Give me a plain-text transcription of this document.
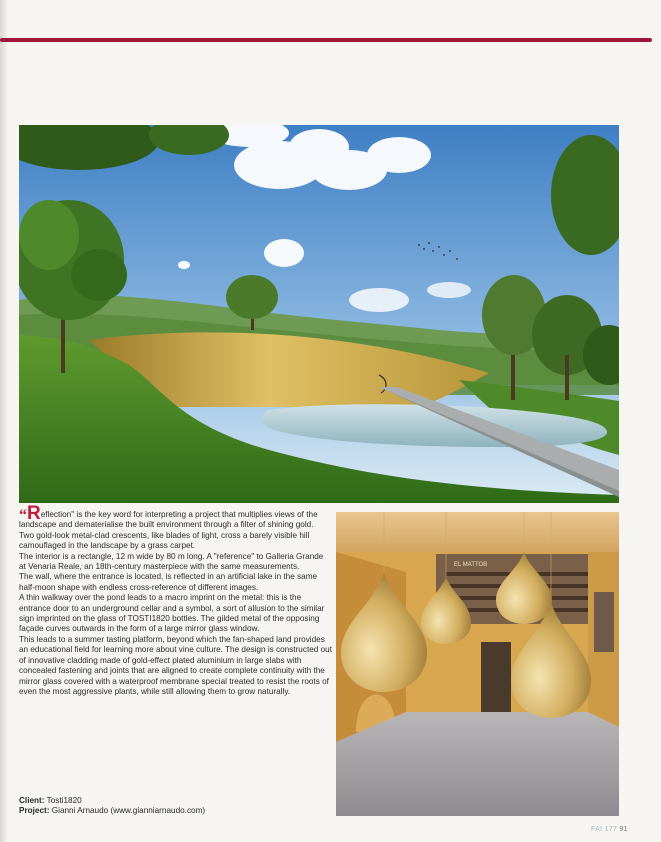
“Reflection" is the key word for interpreting a project that multiplies views of the landscape and dematerialise the built environment through a filter of shining gold.

Two gold-look metal-clad crescents, like blades of light, cross a barely visible hill camouflaged in the landscape by a grass carpet.

The interior is a rectangle, 12 m wide by 80 m long. A "reference" to Galleria Grande at Venaria Reale, an 18th-century masterpiece with the same measurements.

The wall, where the entrance is located, is reflected in an artificial lake in the same half-moon shape with endless cross-reference of different images.

A thin walkway over the pond leads to a macro imprint on the metal: this is the entrance door to an underground cellar and a symbol, a sort of allusion to the similar sign imprinted on the glass of TOSTI1820 bottles. The gilded metal of the opposing façade curves outwards in the form of a large mirror glass window.

This leads to a summer tasting platform, beyond which the fan-shaped land provides an educational field for learning more about vine culture. The design is constructed out of innovative cladding made of gold-effect plated aluminium in large slabs with concealed fastening and joints that are aligned to create complete continuity with the mirror glass covered with a waterproof membrane special treated to resist the roots of even the most aggressive plants, while still allowing them to grow naturally.

Client: Tosti1820
Project: Gianni Arnaudo (www.gianniarnaudo.com)
EL MATTOB
FAI 177 91
